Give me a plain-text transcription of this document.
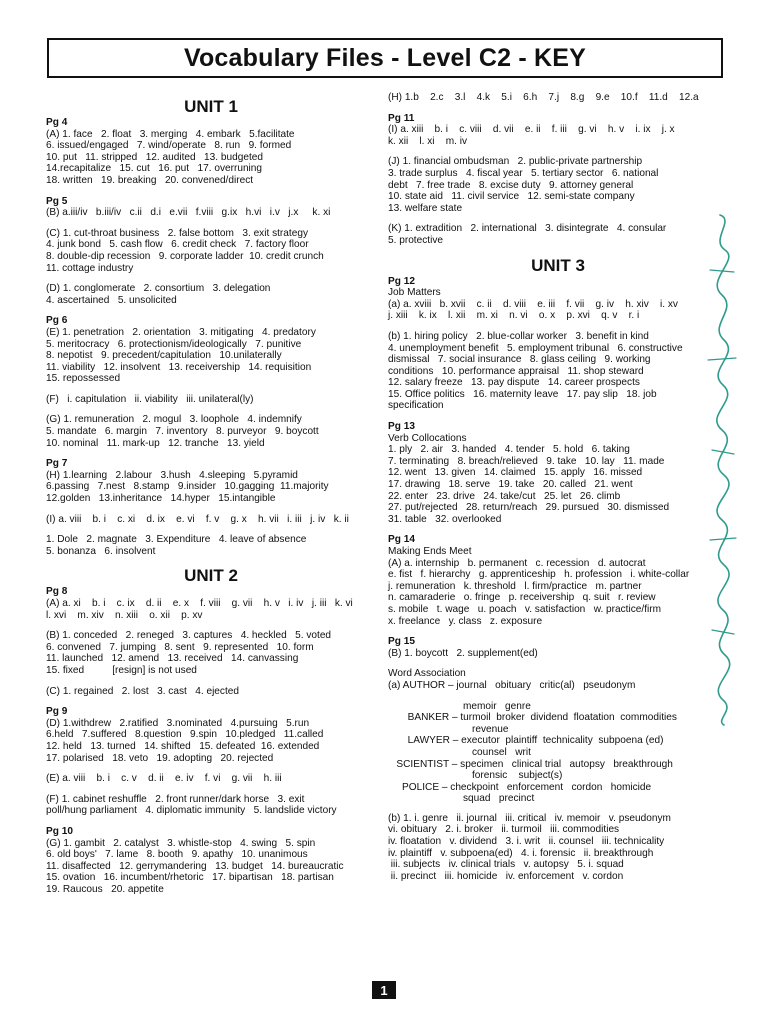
Vocabulary Files - Level C2 - KEY
UNIT 1
Pg 4
(A) 1. face   2. float   3. merging   4. embark   5.facilitate
6. issued/engaged   7. wind/operate   8. run   9. formed
10. put   11. stripped   12. audited   13. budgeted
14.recapitalize   15. cut   16. put   17. overruning
18. written   19. breaking   20. convened/direct
Pg 5
(B) a.iii/iv   b.iii/iv   c.ii   d.i   e.vii   f.viii   g.ix   h.vi   i.v   j.x     k. xi
(C) 1. cut-throat business   2. false bottom   3. exit strategy
4. junk bond   5. cash flow   6. credit check   7. factory floor
8. double-dip recession   9. corporate ladder  10. credit crunch
11. cottage industry
(D) 1. conglomerate   2. consortium   3. delegation
4. ascertained   5. unsolicited
Pg 6
(E) 1. penetration   2. orientation   3. mitigating   4. predatory
5. meritocracy   6. protectionism/ideologically   7. punitive
8. nepotist   9. precedent/capitulation   10.unilaterally
11. viability   12. insolvent   13. receivership   14. requisition
15. repossessed
(F)   i. capitulation   ii. viability   iii. unilateral(ly)
(G) 1. remuneration   2. mogul   3. loophole   4. indemnify
5. mandate   6. margin   7. inventory   8. purveyor   9. boycott
10. nominal   11. mark-up   12. tranche   13. yield
Pg 7
(H) 1.learning   2.labour   3.hush   4.sleeping   5.pyramid
6.passing   7.nest   8.stamp   9.insider   10.gagging  11.majority
12.golden   13.inheritance   14.hyper   15.intangible
(I) a. viii    b. i    c. xi    d. ix    e. vi    f. v    g. x    h. vii   i. iii   j. iv   k. ii
1. Dole   2. magnate   3. Expenditure   4. leave of absence
5. bonanza   6. insolvent
UNIT 2
Pg 8
(A) a. xi    b. i    c. ix    d. ii    e. x    f. viii    g. vii    h. v   i. iv   j. iii   k. vi
l. xvi    m. xiv    n. xiii    o. xii    p. xv
(B) 1. conceded   2. reneged   3. captures   4. heckled   5. voted
6. convened   7. jumping   8. sent   9. represented   10. form
11. launched   12. amend   13. received   14. canvassing
15. fixed          [resign] is not used
(C) 1. regained   2. lost   3. cast   4. ejected
Pg 9
(D) 1.withdrew   2.ratified   3.nominated   4.pursuing   5.run
6.held   7.suffered   8.question   9.spin   10.pledged   11.called
12. held   13. turned   14. shifted   15. defeated  16. extended
17. polarised   18. veto   19. adopting   20. rejected
(E) a. viii    b. i    c. v    d. ii    e. iv    f. vi    g. vii    h. iii
(F) 1. cabinet reshuffle   2. front runner/dark horse   3. exit
poll/hung parliament   4. diplomatic immunity   5. landslide victory
Pg 10
(G) 1. gambit   2. catalyst   3. whistle-stop   4. swing   5. spin
6. old boys'   7. lame   8. booth   9. apathy   10. unanimous
11. disaffected   12. gerrymandering   13. budget   14. bureaucratic
15. ovation   16. incumbent/rhetoric   17. bipartisan   18. partisan
19. Raucous   20. appetite
(H) 1.b    2.c    3.l    4.k    5.i    6.h    7.j    8.g    9.e    10.f    11.d    12.a
Pg 11
(I) a. xiii    b. i    c. viii    d. vii    e. ii    f. iii    g. vi    h. v    i. ix    j. x
k. xii    l. xi    m. iv
(J) 1. financial ombudsman   2. public-private partnership
3. trade surplus   4. fiscal year   5. tertiary sector   6. national
debt   7. free trade   8. excise duty   9. attorney general
10. state aid   11. civil service   12. semi-state company
13. welfare state
(K) 1. extradition   2. international   3. disintegrate   4. consular
5. protective
UNIT 3
Pg 12
Job Matters
(a) a. xviii   b. xvii    c. ii    d. viii    e. iii    f. vii    g. iv    h. xiv    i. xv
j. xiii    k. ix    l. xii    m. xi    n. vi    o. x    p. xvi    q. v    r. i
(b) 1. hiring policy   2. blue-collar worker   3. benefit in kind
4. unemployment benefit   5. employment tribunal   6. constructive
dismissal   7. social insurance   8. glass ceiling   9. working
conditions   10. performance appraisal   11. shop steward
12. salary freeze   13. pay dispute   14. career prospects
15. Office politics   16. maternity leave   17. pay slip   18. job
specification
Pg 13
Verb Collocations
1. ply   2. air   3. handed   4. tender   5. hold   6. taking
7. terminating   8. breach/relieved   9. take   10. lay   11. made
12. went   13. given   14. claimed   15. apply   16. missed
17. drawing   18. serve   19. take   20. called   21. went
22. enter   23. drive   24. take/cut   25. let   26. climb
27. put/rejected   28. return/reach   29. pursued   30. dismissed
31. table   32. overlooked
Pg 14
Making Ends Meet
(A) a. internship   b. permanent   c. recession   d. autocrat
e. fist   f. hierarchy   g. apprenticeship   h. profession   i. white-collar
j. remuneration   k. threshold   l. firm/practice   m. partner
n. camaraderie   o. fringe   p. receivership   q. suit   r. review
s. mobile   t. wage   u. poach   v. satisfaction   w. practice/firm
x. freelance   y. class   z. exposure
Pg 15
(B) 1. boycott   2. supplement(ed)
Word Association
(a) AUTHOR – journal   obituary   critic(al)   pseudonym
memoir   genre
BANKER – turmoil  broker  dividend  floatation  commodities
revenue
LAWYER – executor  plaintiff  technicality  subpoena (ed)
counsel   writ
SCIENTIST – specimen   clinical trial   autopsy   breakthrough
forensic    subject(s)
POLICE – checkpoint   enforcement   cordon   homicide
squad   precinct
(b) 1. i. genre   ii. journal   iii. critical   iv. memoir   v. pseudonym
vi. obituary   2. i. broker   ii. turmoil   iii. commodities
iv. floatation   v. dividend   3. i. writ   ii. counsel   iii. technicality
iv. plaintiff   v. subpoena(ed)   4. i. forensic   ii. breakthrough
iii. subjects   iv. clinical trials   v. autopsy   5. i. squad
ii. precinct   iii. homicide   iv. enforcement   v. cordon
1
